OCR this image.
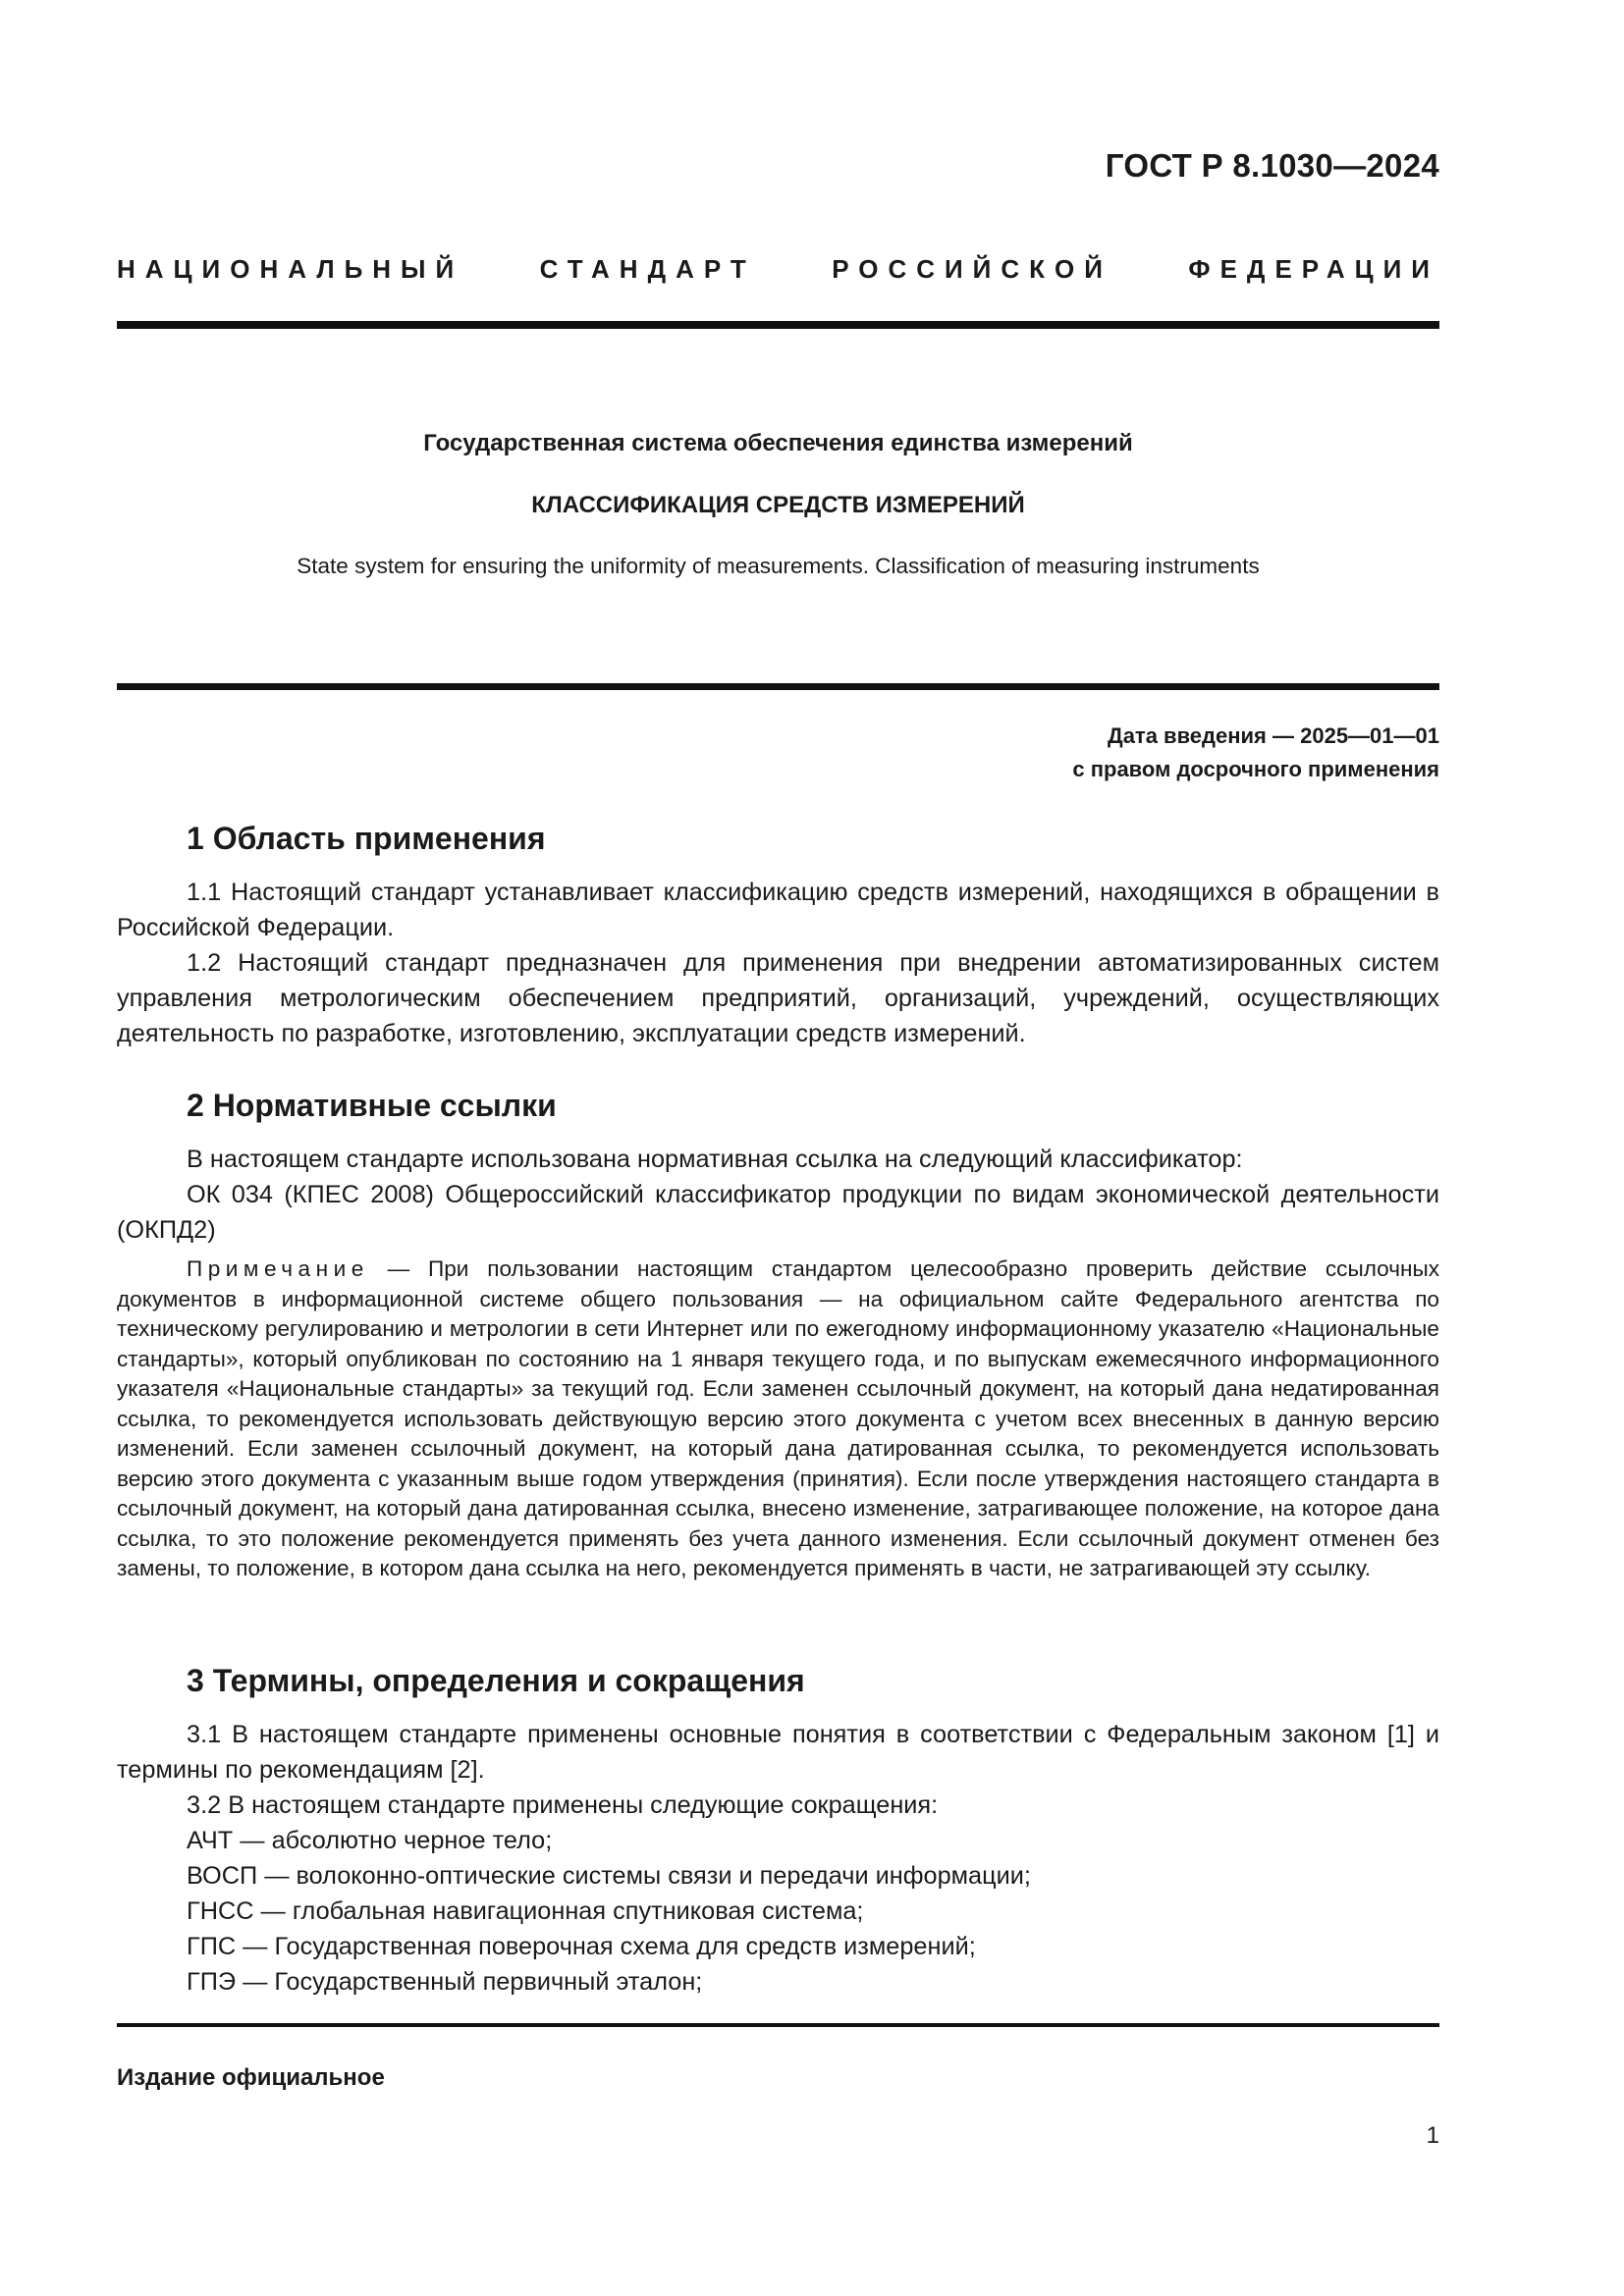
ГОСТ Р 8.1030—2024
НАЦИОНАЛЬНЫЙ СТАНДАРТ РОССИЙСКОЙ ФЕДЕРАЦИИ
Государственная система обеспечения единства измерений
КЛАССИФИКАЦИЯ СРЕДСТВ ИЗМЕРЕНИЙ
State system for ensuring the uniformity of measurements. Classification of measuring instruments
Дата введения — 2025—01—01
с правом досрочного применения
1 Область применения

1.1 Настоящий стандарт устанавливает классификацию средств измерений, находящихся в обращении в Российской Федерации.

1.2 Настоящий стандарт предназначен для применения при внедрении автоматизированных систем управления метрологическим обеспечением предприятий, организаций, учреждений, осуществляющих деятельность по разработке, изготовлению, эксплуатации средств измерений.

2 Нормативные ссылки

В настоящем стандарте использована нормативная ссылка на следующий классификатор:

ОК 034 (КПЕС 2008) Общероссийский классификатор продукции по видам экономической деятельности (ОКПД2)

Примечание — При пользовании настоящим стандартом целесообразно проверить действие ссылочных документов в информационной системе общего пользования — на официальном сайте Федерального агентства по техническому регулированию и метрологии в сети Интернет или по ежегодному информационному указателю «Национальные стандарты», который опубликован по состоянию на 1 января текущего года, и по выпускам ежемесячного информационного указателя «Национальные стандарты» за текущий год. Если заменен ссылочный документ, на который дана недатированная ссылка, то рекомендуется использовать действующую версию этого документа с учетом всех внесенных в данную версию изменений. Если заменен ссылочный документ, на который дана датированная ссылка, то рекомендуется использовать версию этого документа с указанным выше годом утверждения (принятия). Если после утверждения настоящего стандарта в ссылочный документ, на который дана датированная ссылка, внесено изменение, затрагивающее положение, на которое дана ссылка, то это положение рекомендуется применять без учета данного изменения. Если ссылочный документ отменен без замены, то положение, в котором дана ссылка на него, рекомендуется применять в части, не затрагивающей эту ссылку.
3 Термины, определения и сокращения

3.1 В настоящем стандарте применены основные понятия в соответствии с Федеральным законом [1] и термины по рекомендациям [2].

3.2 В настоящем стандарте применены следующие сокращения:

АЧТ — абсолютно черное тело;

ВОСП — волоконно-оптические системы связи и передачи информации;

ГНСС — глобальная навигационная спутниковая система;

ГПС — Государственная поверочная схема для средств измерений;

ГПЭ — Государственный первичный эталон;

Издание официальное
1
